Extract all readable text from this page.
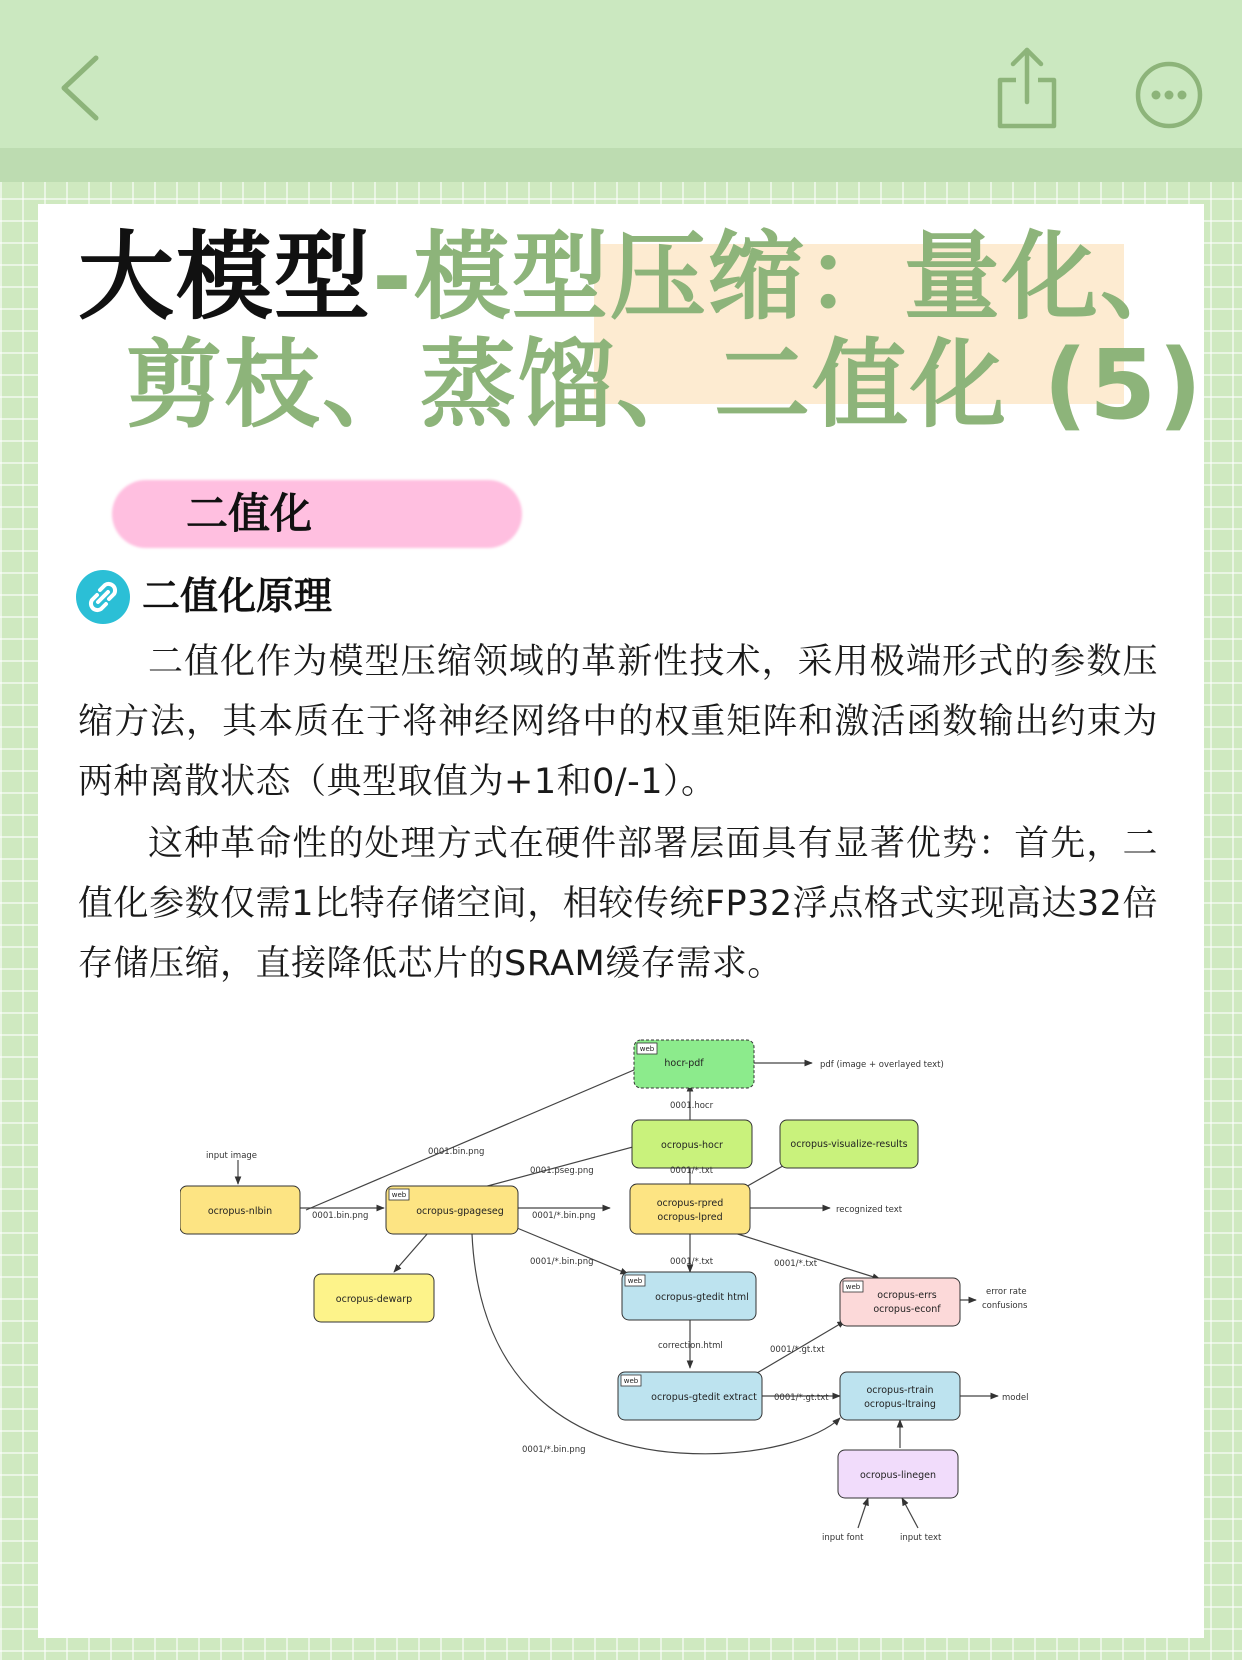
大模型-模型压缩：量化、
剪枝、蒸馏、二值化 (5)
二值化
二值化原理
二值化作为模型压缩领域的革新性技术，采用极端形式的参数压缩方法，其本质在于将神经网络中的权重矩阵和激活函数输出约束为两种离散状态（典型取值为+1和0/-1）。
这种革命性的处理方式在硬件部署层面具有显著优势：首先，二值化参数仅需1比特存储空间，相较传统FP32浮点格式实现高达32倍存储压缩，直接降低芯片的SRAM缓存需求。
web
hocr-pdf
ocropus-hocr	ocropus-visualize-results
ocropus-nlbin
web
ocropus-gpageseg
ocropus-rpred
ocropus-lpred
ocropus-dewarp
web
ocropus-gtedit html
web
ocropus-errs
ocropus-econf
web
ocropus-gtedit extract
ocropus-rtrain
ocropus-ltraing
ocropus-linegen
pdf (image + overlayed text)
0001.hocr
0001.bin.png
input image
0001.pseg.png	0001/*.txt
0001.bin.png	0001/*.bin.png
recognized text
0001/*.bin.png	0001/*.txt	0001/*.txt
error rate
confusions
correction.html	0001/*.gt.txt
0001/*.gt.txt	model
0001/*.bin.png
input font	input text
